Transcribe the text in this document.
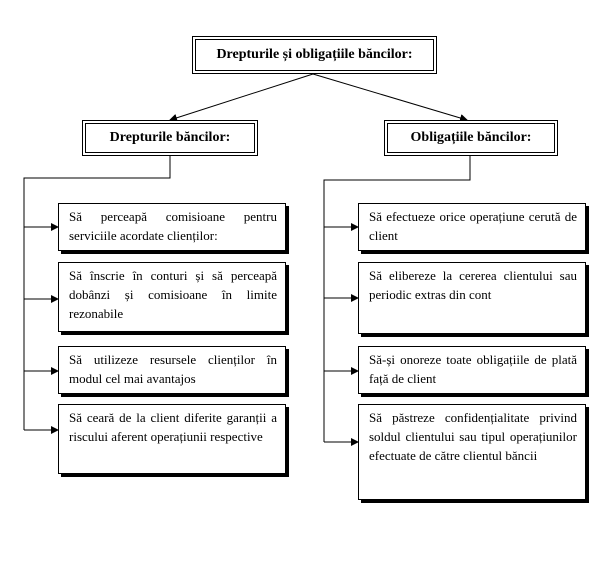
Drepturile și obligațiile băncilor:
Drepturile băncilor:	Obligațiile băncilor:
Să perceapă comisioane pentru serviciile acordate clienților:
Să înscrie în conturi și să perceapă dobânzi și comisioane în limite rezonabile
Să utilizeze resursele clienților în modul cel mai avantajos
Să ceară de la client diferite garanții a riscului aferent operațiunii respective
Să efectueze orice operațiune cerută de client
Să elibereze la cererea clientului sau periodic extras din cont
Să-și onoreze toate obligațiile de plată față de client
Să păstreze confidențialitate privind soldul clientului sau tipul operațiunilor efectuate de către clientul băncii
